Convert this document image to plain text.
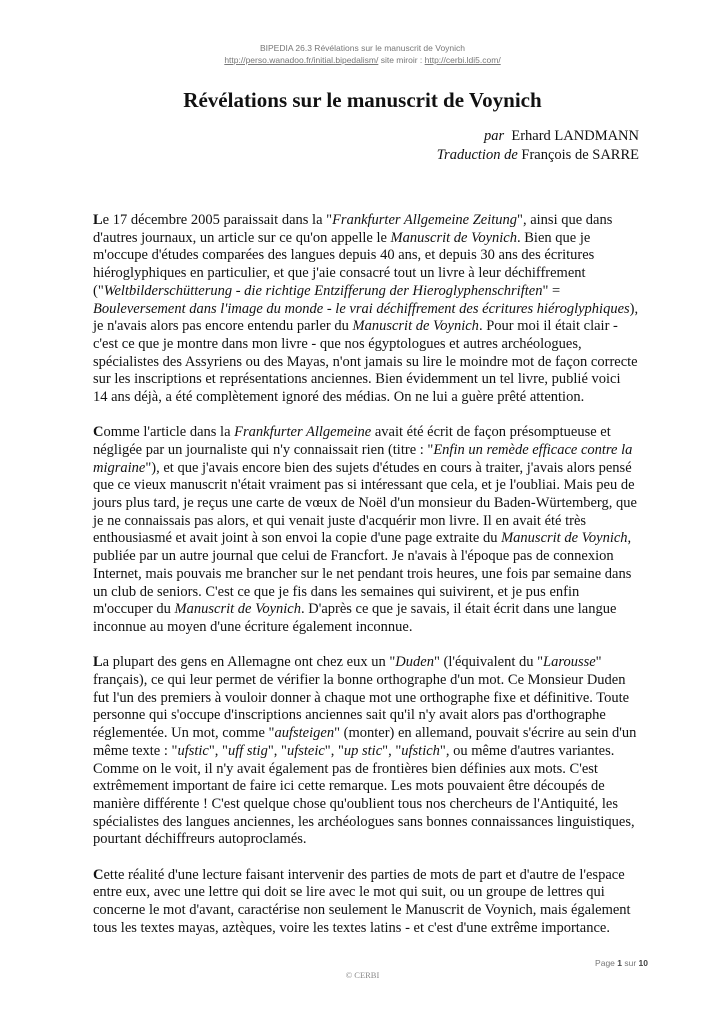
BIPEDIA 26.3 Révélations sur le manuscrit de Voynich
http://perso.wanadoo.fr/initial.bipedalism/ site miroir : http://cerbi.ldi5.com/
Révélations sur le manuscrit de Voynich
par Erhard LANDMANN
Traduction de François de SARRE

Le 17 décembre 2005 paraissait dans la "Frankfurter Allgemeine Zeitung", ainsi que dans
d'autres journaux, un article sur ce qu'on appelle le Manuscrit de Voynich. Bien que je
m'occupe d'études comparées des langues depuis 40 ans, et depuis 30 ans des écritures
hiéroglyphiques en particulier, et que j'aie consacré tout un livre à leur déchiffrement
("Weltbilderschütterung - die richtige Entzifferung der Hieroglyphenschriften" =
Bouleversement dans l'image du monde - le vrai déchiffrement des écritures hiéroglyphiques),
je n'avais alors pas encore entendu parler du Manuscrit de Voynich. Pour moi il était clair -
c'est ce que je montre dans mon livre - que nos égyptologues et autres archéologues,
spécialistes des Assyriens ou des Mayas, n'ont jamais su lire le moindre mot de façon correcte
sur les inscriptions et représentations anciennes. Bien évidemment un tel livre, publié voici
14 ans déjà, a été complètement ignoré des médias. On ne lui a guère prêté attention.

Comme l'article dans la Frankfurter Allgemeine avait été écrit de façon présomptueuse et
négligée par un journaliste qui n'y connaissait rien (titre : "Enfin un remède efficace contre la
migraine"), et que j'avais encore bien des sujets d'études en cours à traiter, j'avais alors pensé
que ce vieux manuscrit n'était vraiment pas si intéressant que cela, et je l'oubliai. Mais peu de
jours plus tard, je reçus une carte de vœux de Noël d'un monsieur du Baden-Würtemberg, que
je ne connaissais pas alors, et qui venait juste d'acquérir mon livre. Il en avait été très
enthousiasmé et avait joint à son envoi la copie d'une page extraite du Manuscrit de Voynich,
publiée par un autre journal que celui de Francfort. Je n'avais à l'époque pas de connexion
Internet, mais pouvais me brancher sur le net pendant trois heures, une fois par semaine dans
un club de seniors. C'est ce que je fis dans les semaines qui suivirent, et je pus enfin
m'occuper du Manuscrit de Voynich. D'après ce que je savais, il était écrit dans une langue
inconnue au moyen d'une écriture également inconnue.

La plupart des gens en Allemagne ont chez eux un "Duden" (l'équivalent du "Larousse"
français), ce qui leur permet de vérifier la bonne orthographe d'un mot. Ce Monsieur Duden
fut l'un des premiers à vouloir donner à chaque mot une orthographe fixe et définitive. Toute
personne qui s'occupe d'inscriptions anciennes sait qu'il n'y avait alors pas d'orthographe
réglementée. Un mot, comme "aufsteigen" (monter) en allemand, pouvait s'écrire au sein d'un
même texte : "ufstic", "uff stig", "ufsteic", "up stic", "ufstich", ou même d'autres variantes.
Comme on le voit, il n'y avait également pas de frontières bien définies aux mots. C'est
extrêmement important de faire ici cette remarque. Les mots pouvaient être découpés de
manière différente ! C'est quelque chose qu'oublient tous nos chercheurs de l'Antiquité, les
spécialistes des langues anciennes, les archéologues sans bonnes connaissances linguistiques,
pourtant déchiffreurs autoproclamés.

Cette réalité d'une lecture faisant intervenir des parties de mots de part et d'autre de l'espace
entre eux, avec une lettre qui doit se lire avec le mot qui suit, ou un groupe de lettres qui
concerne le mot d'avant, caractérise non seulement le Manuscrit de Voynich, mais également
tous les textes mayas, aztèques, voire les textes latins - et c'est d'une extrême importance.

Page 1 sur 10
© CERBI
